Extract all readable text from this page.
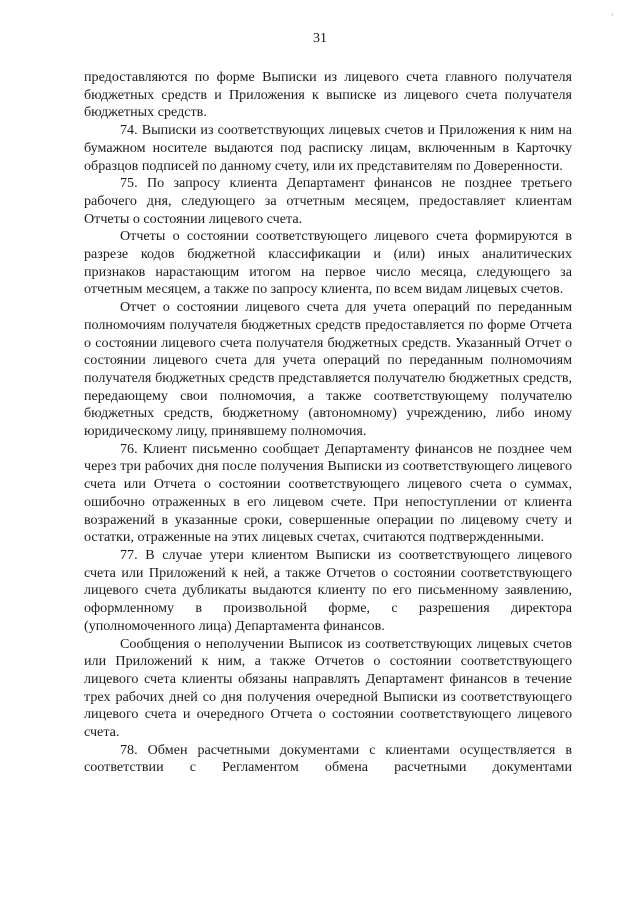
'
31

предоставляются по форме Выписки из лицевого счета главного получателя бюджетных средств и Приложения к выписке из лицевого счета получателя бюджетных средств.

74. Выписки из соответствующих лицевых счетов и Приложения к ним на бумажном носителе выдаются под расписку лицам, включенным в Карточку образцов подписей по данному счету, или их представителям по Доверенности.

75. По запросу клиента Департамент финансов не позднее третьего рабочего дня, следующего за отчетным месяцем, предоставляет клиентам Отчеты о состоянии лицевого счета.

Отчеты о состоянии соответствующего лицевого счета формируются в разрезе кодов бюджетной классификации и (или) иных аналитических признаков нарастающим итогом на первое число месяца, следующего за отчетным месяцем, а также по запросу клиента, по всем видам лицевых счетов.

Отчет о состоянии лицевого счета для учета операций по переданным полномочиям получателя бюджетных средств предоставляется по форме Отчета о состоянии лицевого счета получателя бюджетных средств. Указанный Отчет о состоянии лицевого счета для учета операций по переданным полномочиям получателя бюджетных средств представляется получателю бюджетных средств, передающему свои полномочия, а также соответствующему получателю бюджетных средств, бюджетному (автономному) учреждению, либо иному юридическому лицу, принявшему полномочия.

76. Клиент письменно сообщает Департаменту финансов не позднее чем через три рабочих дня после получения Выписки из соответствующего лицевого счета или Отчета о состоянии соответствующего лицевого счета о суммах, ошибочно отраженных в его лицевом счете. При непоступлении от клиента возражений в указанные сроки, совершенные операции по лицевому счету и остатки, отраженные на этих лицевых счетах, считаются подтвержденными.

77. В случае утери клиентом Выписки из соответствующего лицевого счета или Приложений к ней, а также Отчетов о состоянии соответствующего лицевого счета дубликаты выдаются клиенту по его письменному заявлению, оформленному в произвольной форме, с разрешения директора (уполномоченного лица) Департамента финансов.

Сообщения о неполучении Выписок из соответствующих лицевых счетов или Приложений к ним, а также Отчетов о состоянии соответствующего лицевого счета клиенты обязаны направлять Департамент финансов в течение трех рабочих дней со дня получения очередной Выписки из соответствующего лицевого счета и очередного Отчета о состоянии соответствующего лицевого счета.

78. Обмен расчетными документами с клиентами осуществляется в соответствии с Регламентом обмена расчетными документами
